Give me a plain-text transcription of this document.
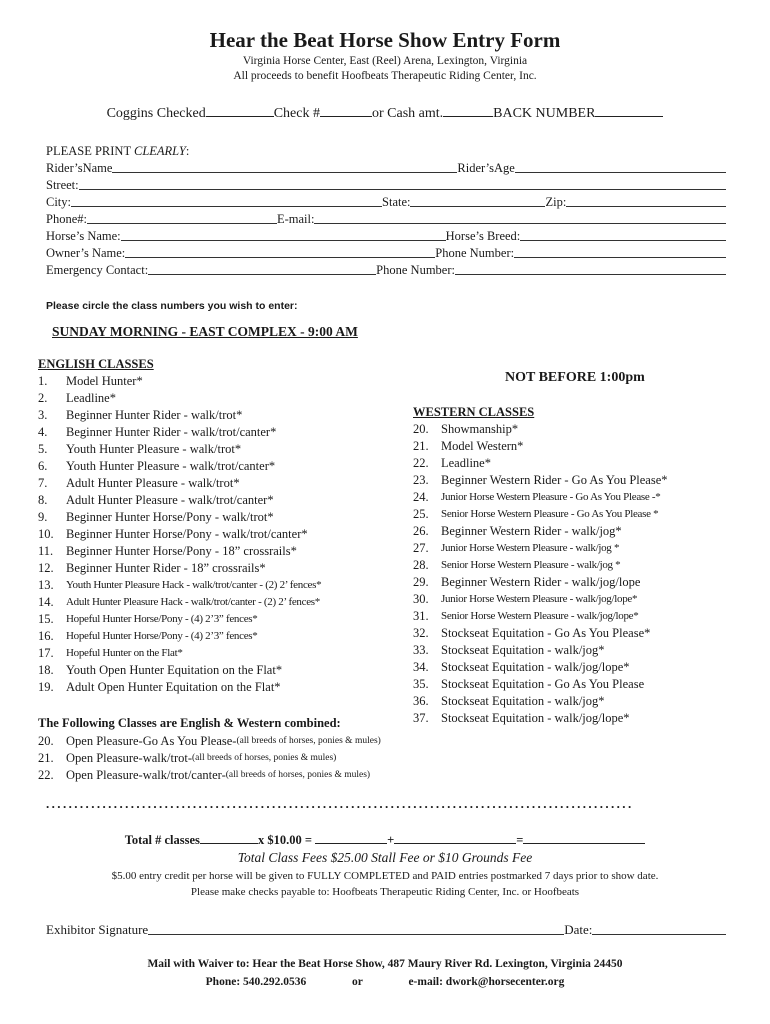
Hear the Beat Horse Show Entry Form
Virginia Horse Center, East (Reel) Arena, Lexington, Virginia
All proceeds to benefit Hoofbeats Therapeutic Riding Center, Inc.
Coggins Checked	Check #	or Cash amt.	BACK NUMBER
PLEASE PRINT CLEARLY:
Rider’sName	Rider’sAge
Street:
City:	State:	Zip:
Phone#:	E-mail:
Horse’s Name:	Horse’s Breed:
Owner’s Name:	Phone Number:
Emergency Contact:	Phone Number:
Please circle the class numbers you wish to enter:
SUNDAY MORNING - EAST COMPLEX - 9:00 AM
ENGLISH CLASSES
1.	Model Hunter*
2.	Leadline*
3.	Beginner Hunter Rider - walk/trot*
4.	Beginner Hunter Rider - walk/trot/canter*
5.	Youth Hunter Pleasure - walk/trot*
6.	Youth Hunter Pleasure - walk/trot/canter*
7.	Adult Hunter Pleasure - walk/trot*
8.	Adult Hunter Pleasure - walk/trot/canter*
9.	Beginner Hunter Horse/Pony - walk/trot*
10. Beginner Hunter Horse/Pony - walk/trot/canter*
11.	Beginner Hunter Horse/Pony - 18” crossrails*
12. Beginner Hunter Rider - 18” crossrails*
13.	Youth Hunter Pleasure Hack - walk/trot/canter - (2) 2’ fences*
14.	Adult Hunter Pleasure Hack - walk/trot/canter - (2) 2’ fences*
15.	Hopeful Hunter Horse/Pony - (4) 2’3” fences*
16.	Hopeful Hunter Horse/Pony - (4) 2’3” fences*
17.	Hopeful Hunter on the Flat*
18. Youth Open Hunter Equitation on the Flat*
19. Adult Open Hunter Equitation on the Flat*
The Following Classes are English & Western combined:
20. Open Pleasure-Go As You Please- (all breeds of horses, ponies & mules)
21. Open Pleasure-walk/trot- (all breeds of horses, ponies & mules)
22. Open Pleasure-walk/trot/canter- (all breeds of horses, ponies & mules)
NOT BEFORE 1:00pm
WESTERN CLASSES
20. Showmanship*
21. Model Western*
22. Leadline*
23. Beginner Western Rider - Go As You Please*
24.	Junior Horse Western Pleasure - Go As You Please -*
25.	Senior Horse Western Pleasure - Go As You Please *
26. Beginner Western Rider - walk/jog*
27.	Junior Horse Western Pleasure - walk/jog *
28.	Senior Horse Western Pleasure - walk/jog *
29. Beginner Western Rider - walk/jog/lope
30.	Junior Horse Western Pleasure - walk/jog/lope*
31.	Senior Horse Western Pleasure - walk/jog/lope*
32. Stockseat Equitation - Go As You Please*
33. Stockseat Equitation - walk/jog*
34. Stockseat Equitation - walk/jog/lope*
35. Stockseat Equitation - Go As You Please
36. Stockseat Equitation - walk/jog*
37. Stockseat Equitation - walk/jog/lope*
........................................................................................................
Total # classes	x $10.00 =	+	=
Total Class Fees $25.00 Stall Fee or $10 Grounds Fee
$5.00 entry credit per horse will be given to FULLY COMPLETED and PAID entries postmarked 7 days prior to show date.
Please make checks payable to: Hoofbeats Therapeutic Riding Center, Inc. or Hoofbeats
Exhibitor Signature	Date:
Mail with Waiver to: Hear the Beat Horse Show, 487 Maury River Rd. Lexington, Virginia 24450
Phone: 540.292.0536	or	e-mail: dwork@horsecenter.org
